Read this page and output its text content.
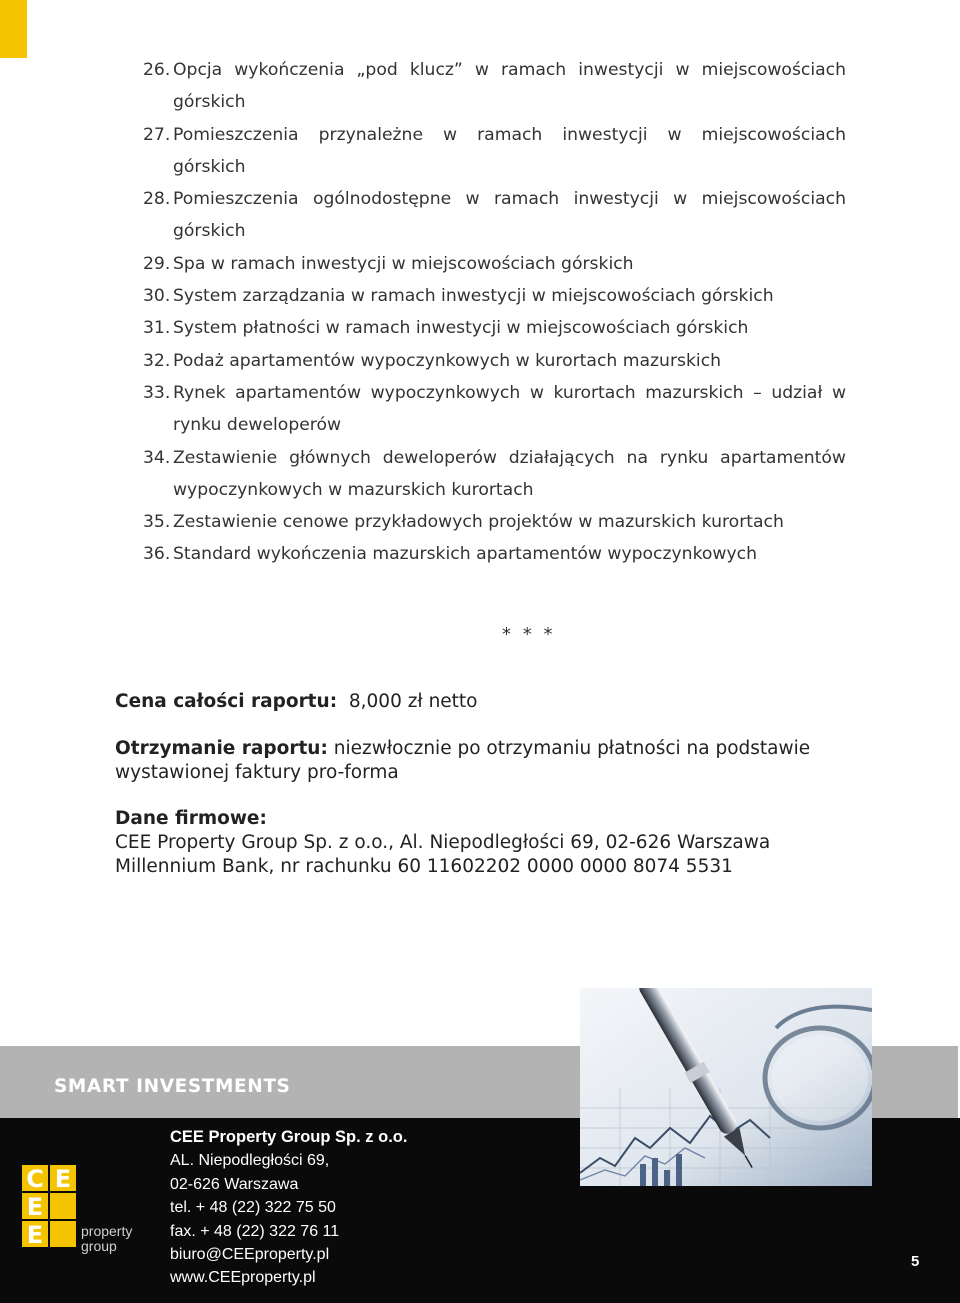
26. Opcja wykończenia „pod klucz” w ramach inwestycji w miejscowościach
górskich
27. Pomieszczenia przynależne w ramach inwestycji w miejscowościach
górskich
28. Pomieszczenia ogólnodostępne w ramach inwestycji w miejscowościach
górskich
29. Spa w ramach inwestycji w miejscowościach górskich
30. System zarządzania w ramach inwestycji w miejscowościach górskich
31. System płatności w ramach inwestycji w miejscowościach górskich
32. Podaż apartamentów wypoczynkowych w kurortach mazurskich
33. Rynek apartamentów wypoczynkowych w kurortach mazurskich – udział w
rynku deweloperów
34. Zestawienie głównych deweloperów działających na rynku apartamentów
wypoczynkowych w mazurskich kurortach
35. Zestawienie cenowe przykładowych projektów w mazurskich kurortach
36. Standard wykończenia mazurskich apartamentów wypoczynkowych
* * *
Cena całości raportu: 8,000 zł netto
Otrzymanie raportu: niezwłocznie po otrzymaniu płatności na podstawie
wystawionej faktury pro-forma
Dane firmowe:
CEE Property Group Sp. z o.o., Al. Niepodległości 69, 02-626 Warszawa
Millennium Bank, nr rachunku 60 11602202 0000 0000 8074 5531
SMART INVESTMENTS
CEE Property Group Sp. z o.o.
AL. Niepodległości 69,
02-626 Warszawa
tel. + 48 (22) 322 75 50
fax. + 48 (22) 322 76 11
biuro@CEEproperty.pl
www.CEEproperty.pl
C E
E
E	property
group
5
